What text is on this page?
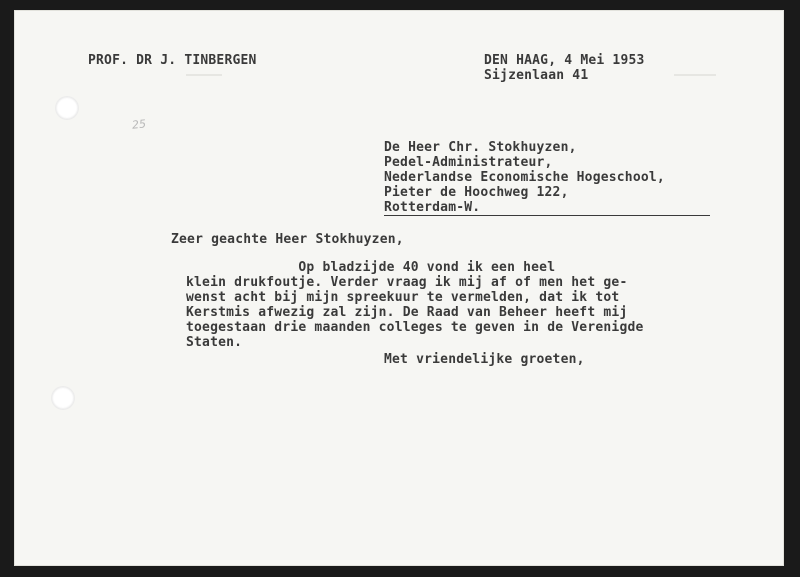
PROF. DR J. TINBERGEN	DEN HAAG, 4 Mei 1953
Sijzenlaan 41
25
De Heer Chr. Stokhuyzen,
Pedel-Administrateur,
Nederlandse Economische Hogeschool,
Pieter de Hoochweg 122,
Rotterdam-W.
Zeer geachte Heer Stokhuyzen,
Op bladzijde 40 vond ik een heel
klein drukfoutje. Verder vraag ik mij af of men het ge-
wenst acht bij mijn spreekuur te vermelden, dat ik tot
Kerstmis afwezig zal zijn. De Raad van Beheer heeft mij
toegestaan drie maanden colleges te geven in de Verenigde
Staten.
Met vriendelijke groeten,
